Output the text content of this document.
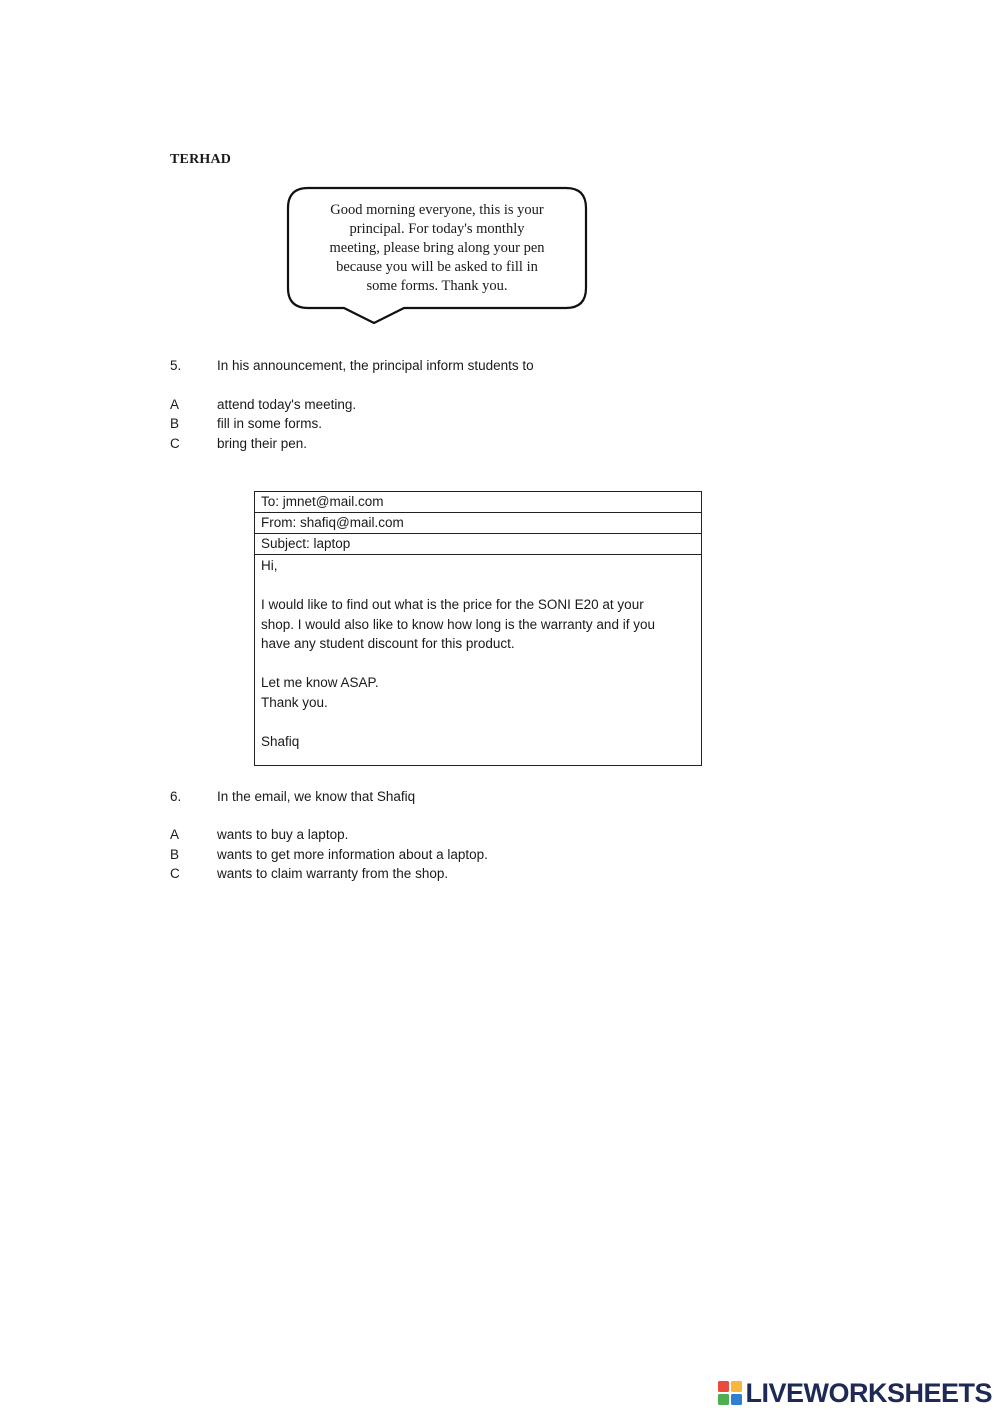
TERHAD
Good morning everyone, this is your
principal. For today's monthly
meeting, please bring along your pen
because you will be asked to fill in
some forms. Thank you.
5.	In his announcement, the principal inform students to
A	attend today's meeting.
B	fill in some forms.
C	bring their pen.
To: jmnet@mail.com
From: shafiq@mail.com
Subject: laptop
Hi,
I would like to find out what is the price for the SONI E20 at your
shop. I would also like to know how long is the warranty and if you
have any student discount for this product.
Let me know ASAP.
Thank you.
Shafiq
6.	In the email, we know that Shafiq
A	wants to buy a laptop.
B	wants to get more information about a laptop.
C	wants to claim warranty from the shop.
LIVEWORKSHEETS
